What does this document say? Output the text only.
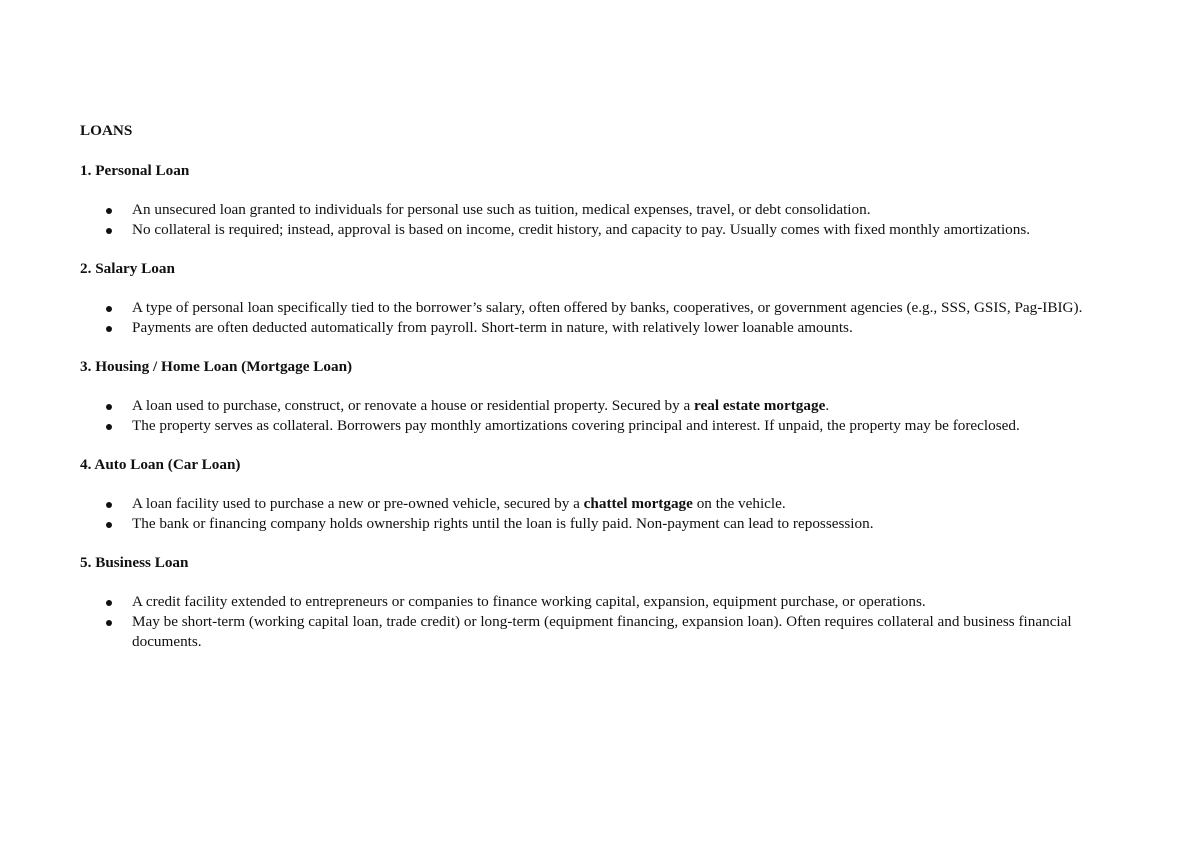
LOANS
1. Personal Loan
An unsecured loan granted to individuals for personal use such as tuition, medical expenses, travel, or debt consolidation.
No collateral is required; instead, approval is based on income, credit history, and capacity to pay. Usually comes with fixed monthly amortizations.
2. Salary Loan
A type of personal loan specifically tied to the borrower’s salary, often offered by banks, cooperatives, or government agencies (e.g., SSS, GSIS, Pag-IBIG).
Payments are often deducted automatically from payroll. Short-term in nature, with relatively lower loanable amounts.
3. Housing / Home Loan (Mortgage Loan)
A loan used to purchase, construct, or renovate a house or residential property. Secured by a real estate mortgage.
The property serves as collateral. Borrowers pay monthly amortizations covering principal and interest. If unpaid, the property may be foreclosed.
4. Auto Loan (Car Loan)
A loan facility used to purchase a new or pre-owned vehicle, secured by a chattel mortgage on the vehicle.
The bank or financing company holds ownership rights until the loan is fully paid. Non-payment can lead to repossession.
5. Business Loan
A credit facility extended to entrepreneurs or companies to finance working capital, expansion, equipment purchase, or operations.
May be short-term (working capital loan, trade credit) or long-term (equipment financing, expansion loan). Often requires collateral and business financial documents.
